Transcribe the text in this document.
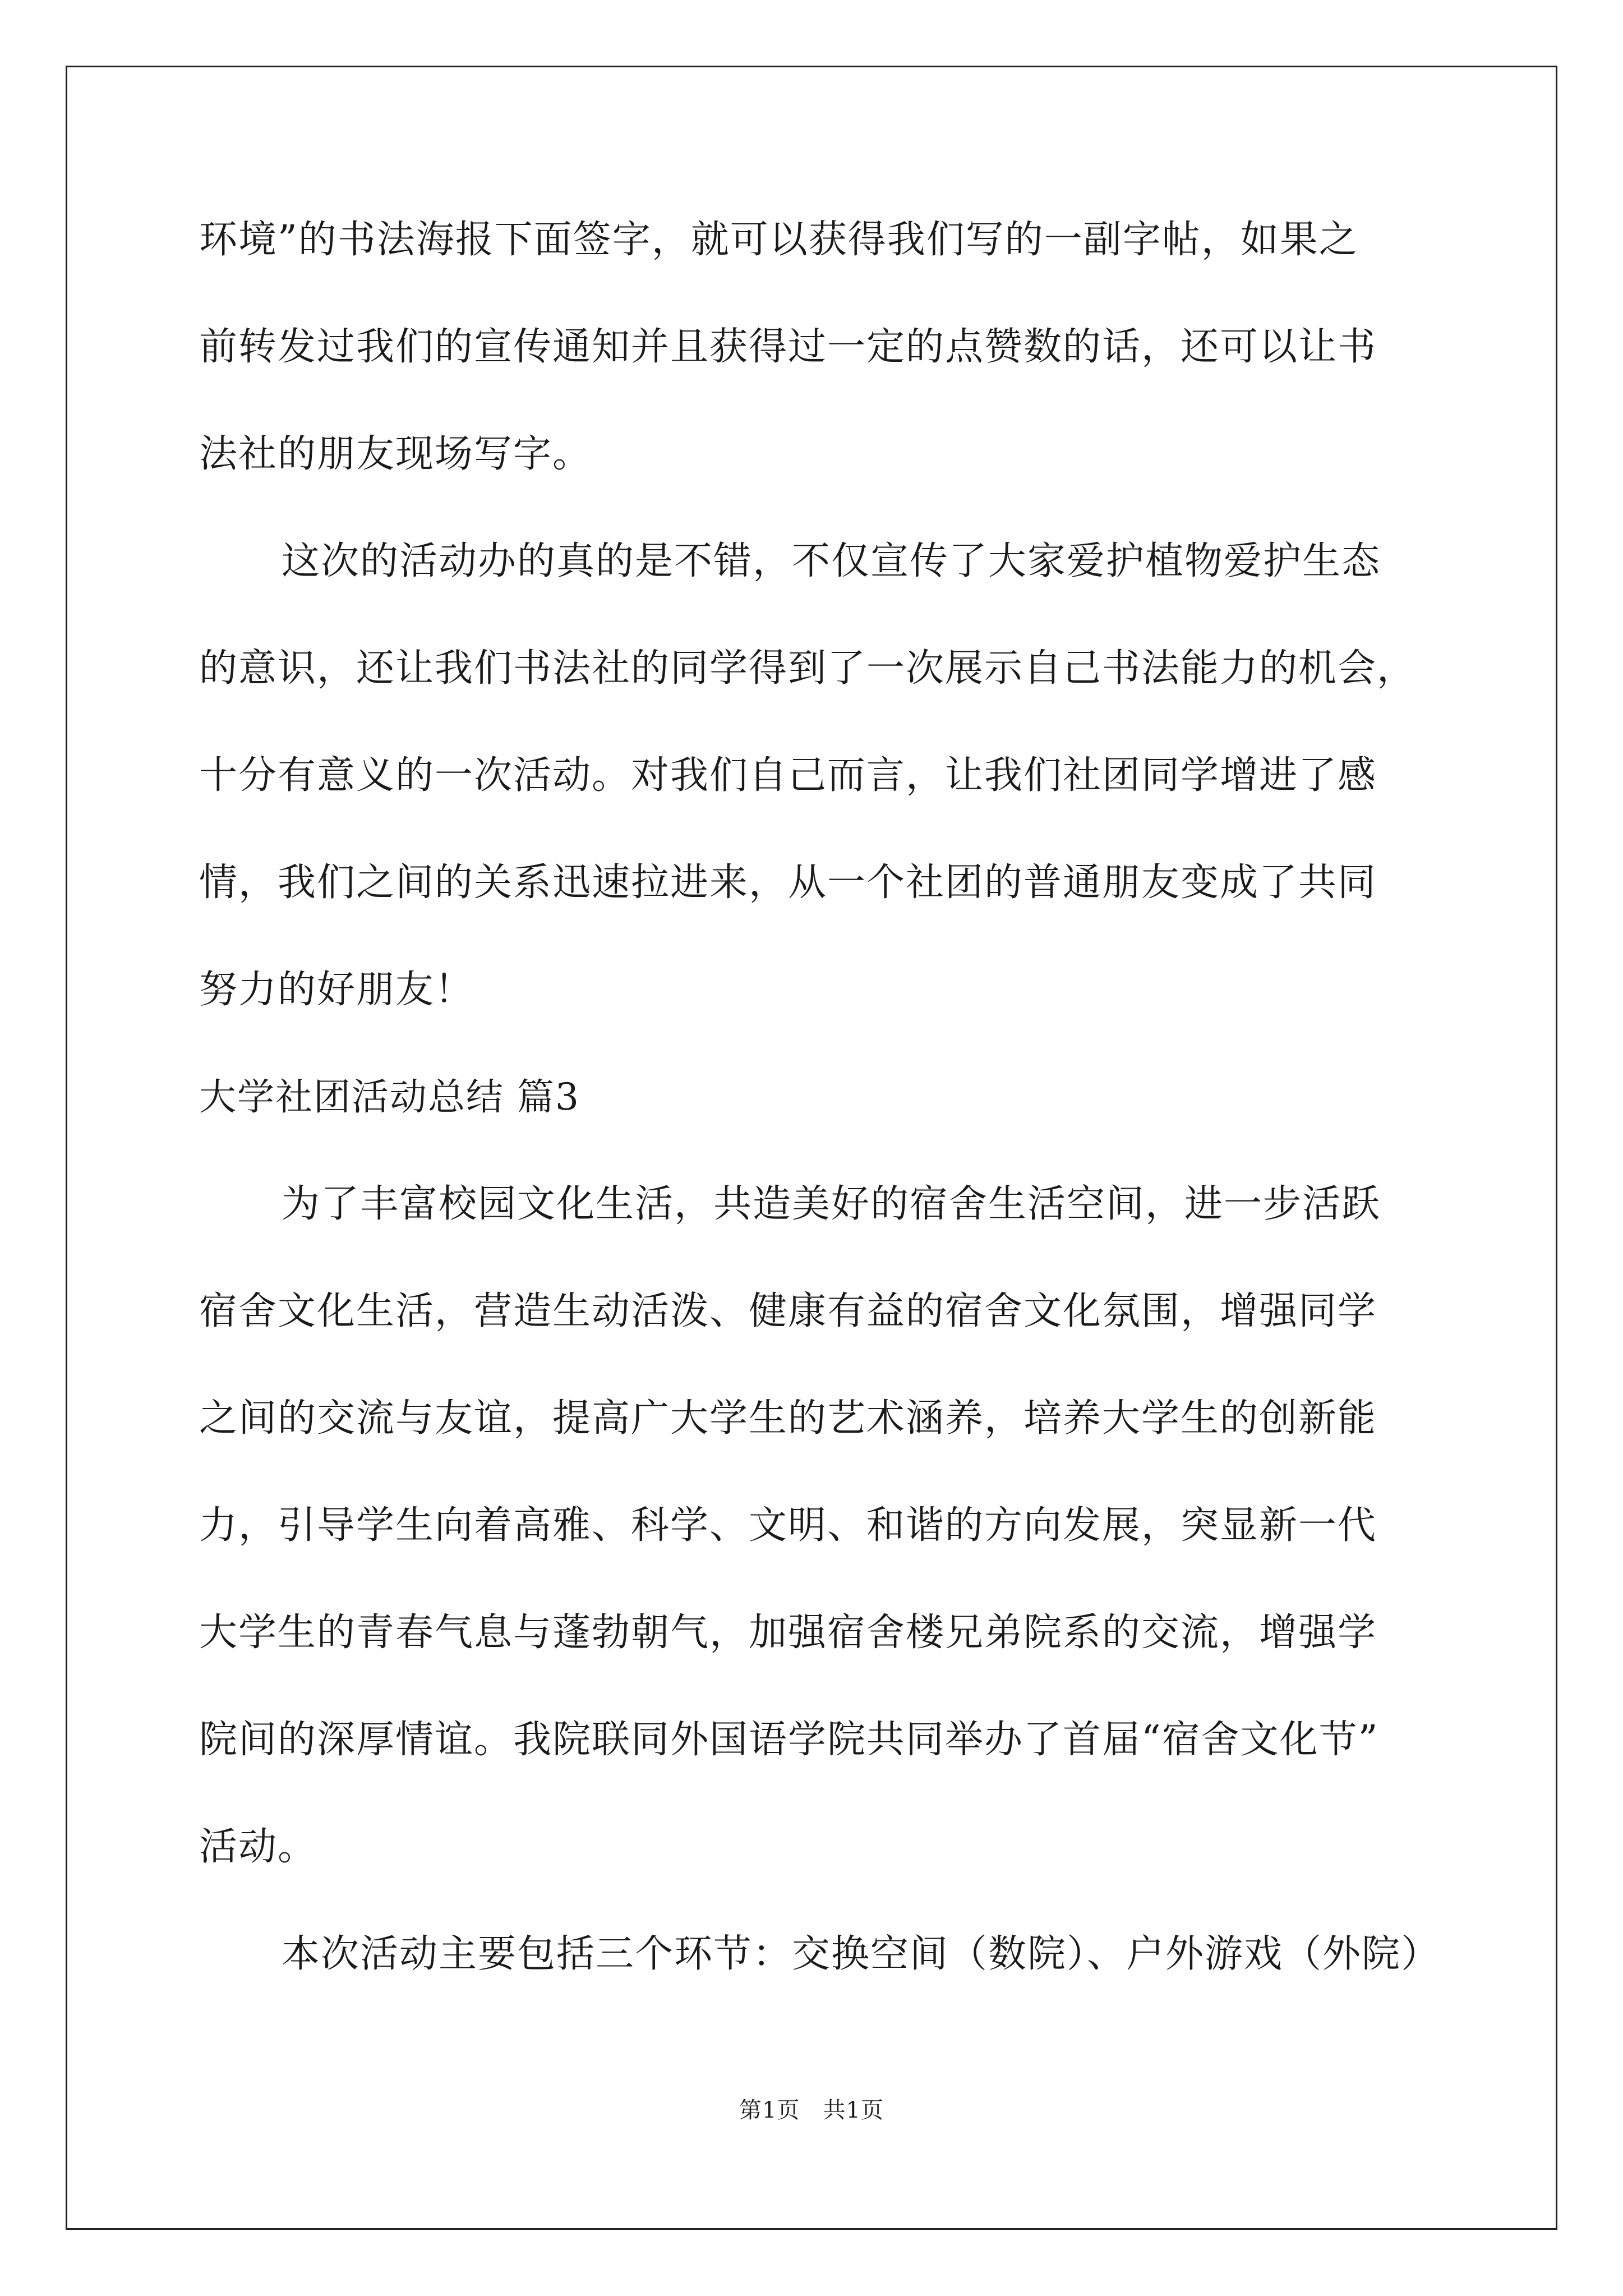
环境”的书法海报下面签字，就可以获得我们写的一副字帖，如果之
前转发过我们的宣传通知并且获得过一定的点赞数的话，还可以让书
法社的朋友现场写字。
这次的活动办的真的是不错，不仅宣传了大家爱护植物爱护生态
的意识，还让我们书法社的同学得到了一次展示自己书法能力的机会，
十分有意义的一次活动。对我们自己而言，让我们社团同学增进了感
情，我们之间的关系迅速拉进来，从一个社团的普通朋友变成了共同
努力的好朋友！
大学社团活动总结 篇3
为了丰富校园文化生活，共造美好的宿舍生活空间，进一步活跃
宿舍文化生活，营造生动活泼、健康有益的宿舍文化氛围，增强同学
之间的交流与友谊，提高广大学生的艺术涵养，培养大学生的创新能
力，引导学生向着高雅、科学、文明、和谐的方向发展，突显新一代
大学生的青春气息与蓬勃朝气，加强宿舍楼兄弟院系的交流，增强学
院间的深厚情谊。我院联同外国语学院共同举办了首届“宿舍文化节”
活动。
本次活动主要包括三个环节：交换空间（数院）、户外游戏（外院）
第1页　共1页
